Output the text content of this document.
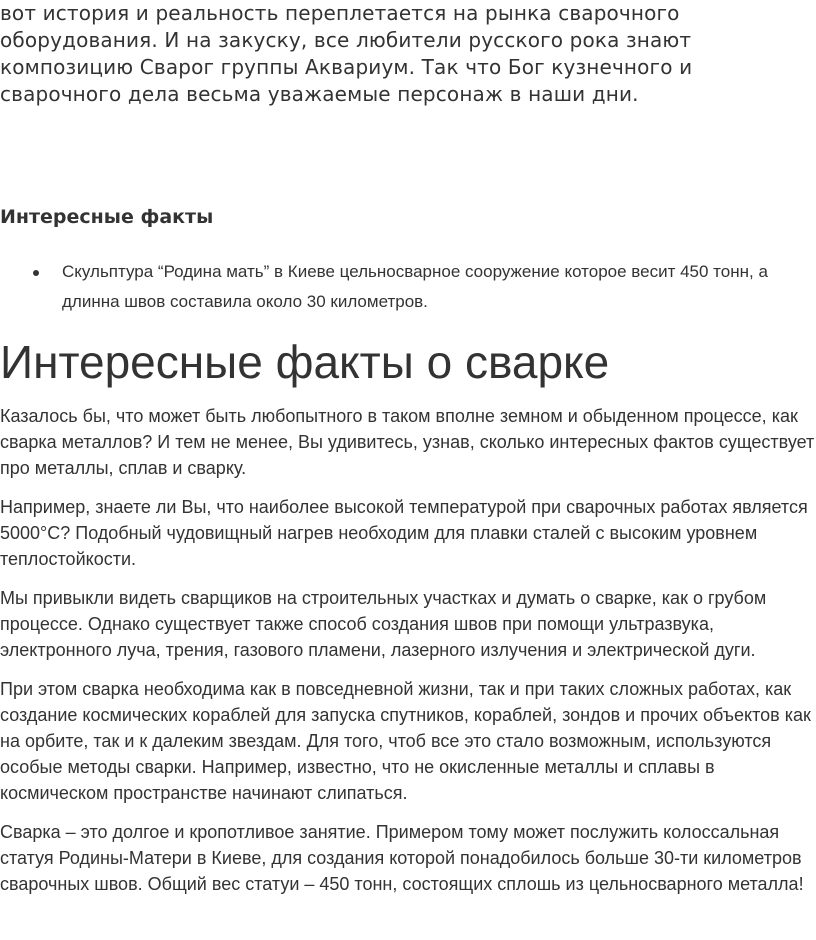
вот история и реальность переплетается на рынка сварочного оборудования. И на закуску, все любители русского рока знают композицию Сварог группы Аквариум. Так что Бог кузнечного и сварочного дела весьма уважаемые персонаж в наши дни.

Интересные факты
Скульптура “Родина мать” в Киеве цельносварное сооружение которое весит 450 тонн, а длинна швов составила около 30 километров.
Интересные факты о сварке

Казалось бы, что может быть любопытного в таком вполне земном и обыденном процессе, как сварка металлов? И тем не менее, Вы удивитесь, узнав, сколько интересных фактов существует про металлы, сплав и сварку.

Например, знаете ли Вы, что наиболее высокой температурой при сварочных работах является 5000°С? Подобный чудовищный нагрев необходим для плавки сталей с высоким уровнем теплостойкости.

Мы привыкли видеть сварщиков на строительных участках и думать о сварке, как о грубом процессе. Однако существует также способ создания швов при помощи ультразвука, электронного луча, трения, газового пламени, лазерного излучения и электрической дуги.

При этом сварка необходима как в повседневной жизни, так и при таких сложных работах, как создание космических кораблей для запуска спутников, кораблей, зондов и прочих объектов как на орбите, так и к далеким звездам. Для того, чтоб все это стало возможным, используются особые методы сварки. Например, известно, что не окисленные металлы и сплавы в космическом пространстве начинают слипаться.

Сварка – это долгое и кропотливое занятие. Примером тому может послужить колоссальная статуя Родины-Матери в Киеве, для создания которой понадобилось больше 30-ти километров сварочных швов. Общий вес статуи – 450 тонн, состоящих сплошь из цельносварного металла!
